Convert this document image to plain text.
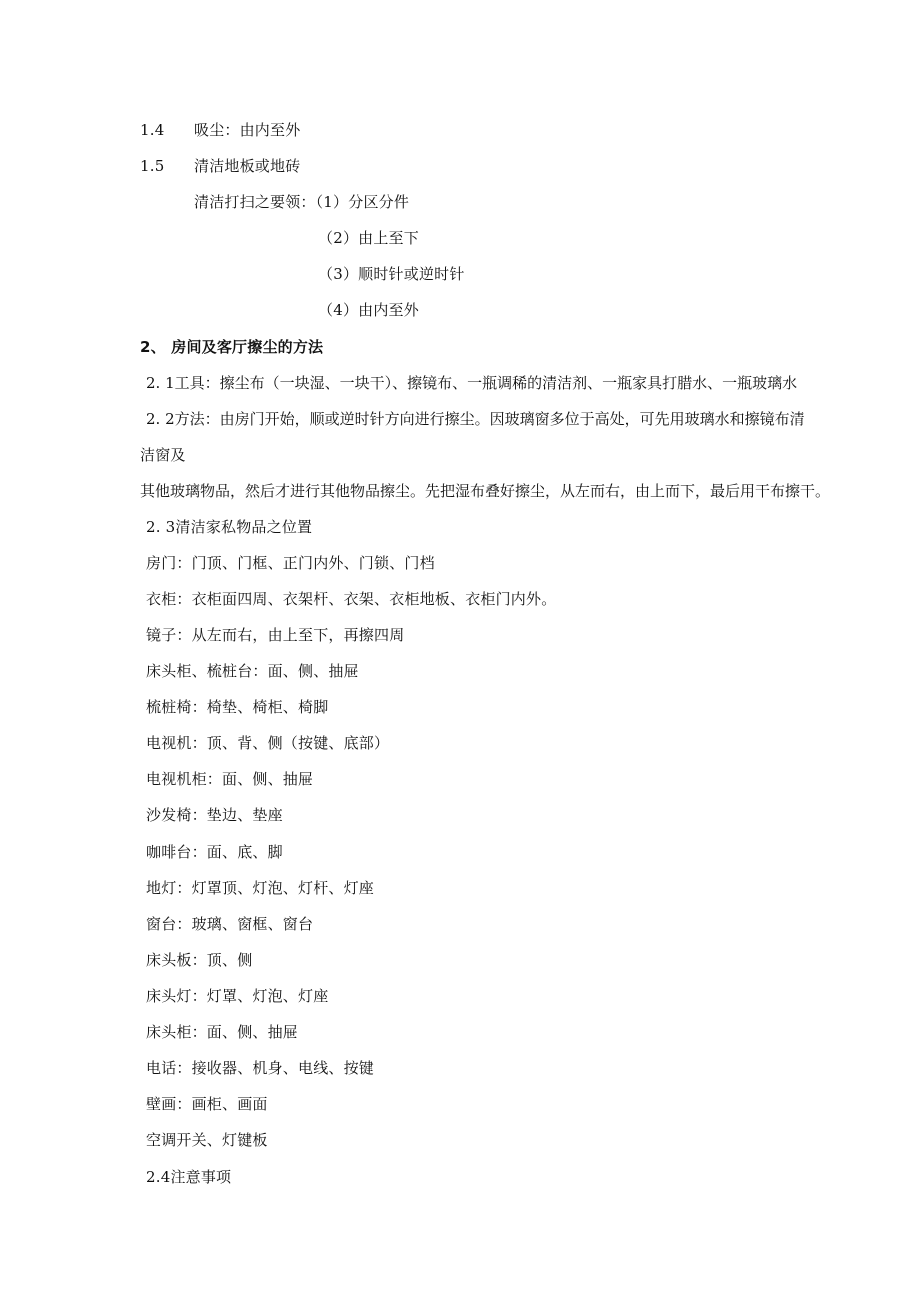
1.4 吸尘：由内至外
1.5 清洁地板或地砖
清洁打扫之要领：（1）分区分件
（2）由上至下
（3）顺时针或逆时针
（4）由内至外
2、 房间及客厅擦尘的方法
2. 1工具：擦尘布（一块湿、一块干）、擦镜布、一瓶调稀的清洁剂、一瓶家具打腊水、一瓶玻璃水
2. 2方法：由房门开始，顺或逆时针方向进行擦尘。因玻璃窗多位于高处，可先用玻璃水和擦镜布清
洁窗及
其他玻璃物品，然后才进行其他物品擦尘。先把湿布叠好擦尘，从左而右，由上而下，最后用干布擦干。
2. 3清洁家私物品之位置
房门：门顶、门框、正门内外、门锁、门档
衣柜：衣柜面四周、衣架杆、衣架、衣柜地板、衣柜门内外。
镜子：从左而右，由上至下，再擦四周
床头柜、梳桩台：面、侧、抽屉
梳桩椅：椅垫、椅柜、椅脚
电视机：顶、背、侧（按键、底部）
电视机柜：面、侧、抽屉
沙发椅：垫边、垫座
咖啡台：面、底、脚
地灯：灯罩顶、灯泡、灯杆、灯座
窗台：玻璃、窗框、窗台
床头板：顶、侧
床头灯：灯罩、灯泡、灯座
床头柜：面、侧、抽屉
电话：接收器、机身、电线、按键
壁画：画柜、画面
空调开关、灯键板
2.4注意事项
